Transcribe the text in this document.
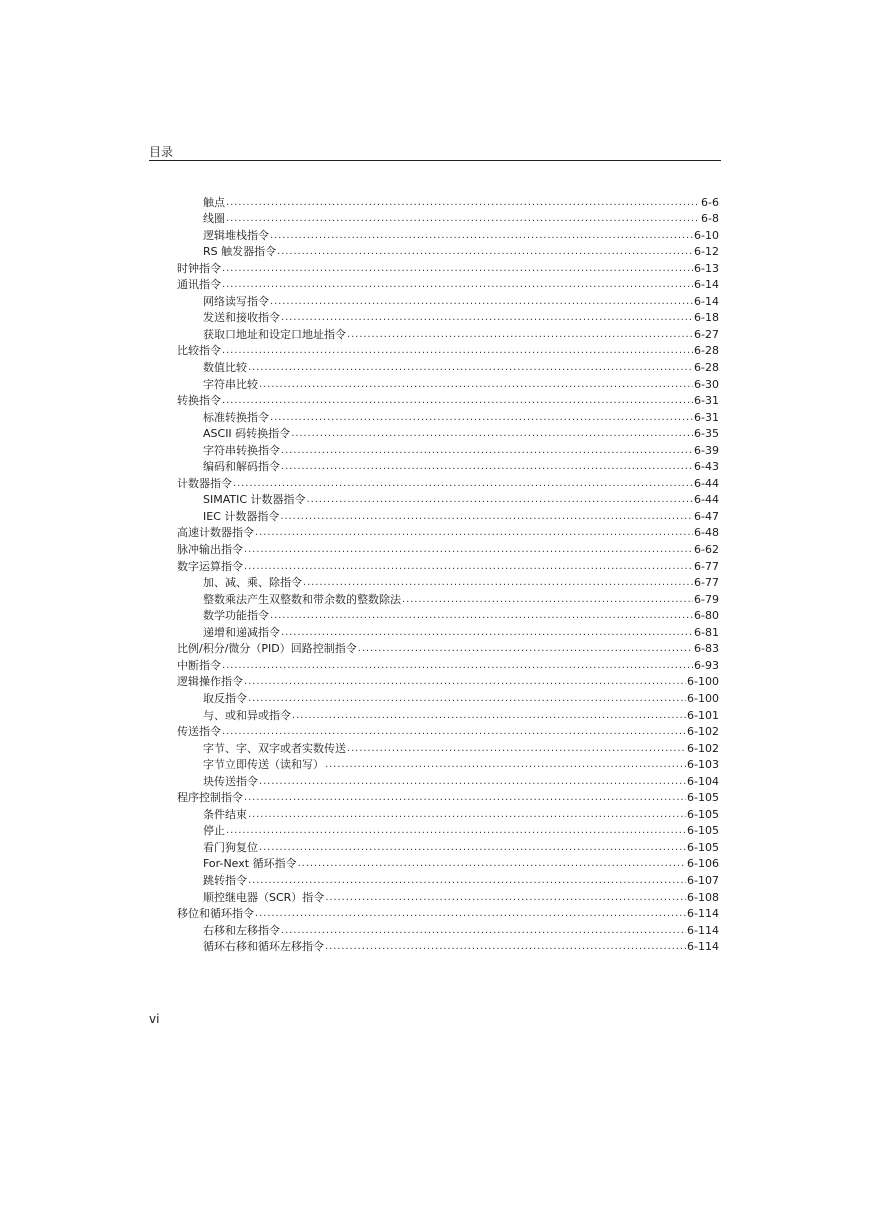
目录
触点 .....	6-6
线圈 .....	6-8
逻辑堆栈指令 .....	6-10
RS 触发器指令 .....	6-12
时钟指令 .....	6-13
通讯指令 .....	6-14
网络读写指令 .....	6-14
发送和接收指令 .....	6-18
获取口地址和设定口地址指令 .....	6-27
比较指令 .....	6-28
数值比较 .....	6-28
字符串比较 .....	6-30
转换指令 .....	6-31
标准转换指令 .....	6-31
ASCII 码转换指令 .....	6-35
字符串转换指令 .....	6-39
编码和解码指令 .....	6-43
计数器指令 .....	6-44
SIMATIC 计数器指令 .....	6-44
IEC 计数器指令 .....	6-47
高速计数器指令 .....	6-48
脉冲输出指令 .....	6-62
数字运算指令 .....	6-77
加、减、乘、除指令 .....	6-77
整数乘法产生双整数和带余数的整数除法 .....	6-79
数学功能指令 .....	6-80
递增和递减指令 .....	6-81
比例/积分/微分（PID）回路控制指令 .....	6-83
中断指令 .....	6-93
逻辑操作指令 .....	6-100
取反指令 .....	6-100
与、或和异或指令 .....	6-101
传送指令 .....	6-102
字节、字、双字或者实数传送 .....	6-102
字节立即传送（读和写） .....	6-103
块传送指令 .....	6-104
程序控制指令 .....	6-105
条件结束 .....	6-105
停止 .....	6-105
看门狗复位 .....	6-105
For-Next 循环指令 .....	6-106
跳转指令 .....	6-107
顺控继电器（SCR）指令 .....	6-108
移位和循环指令 .....	6-114
右移和左移指令 .....	6-114
循环右移和循环左移指令 .....	6-114
vi
